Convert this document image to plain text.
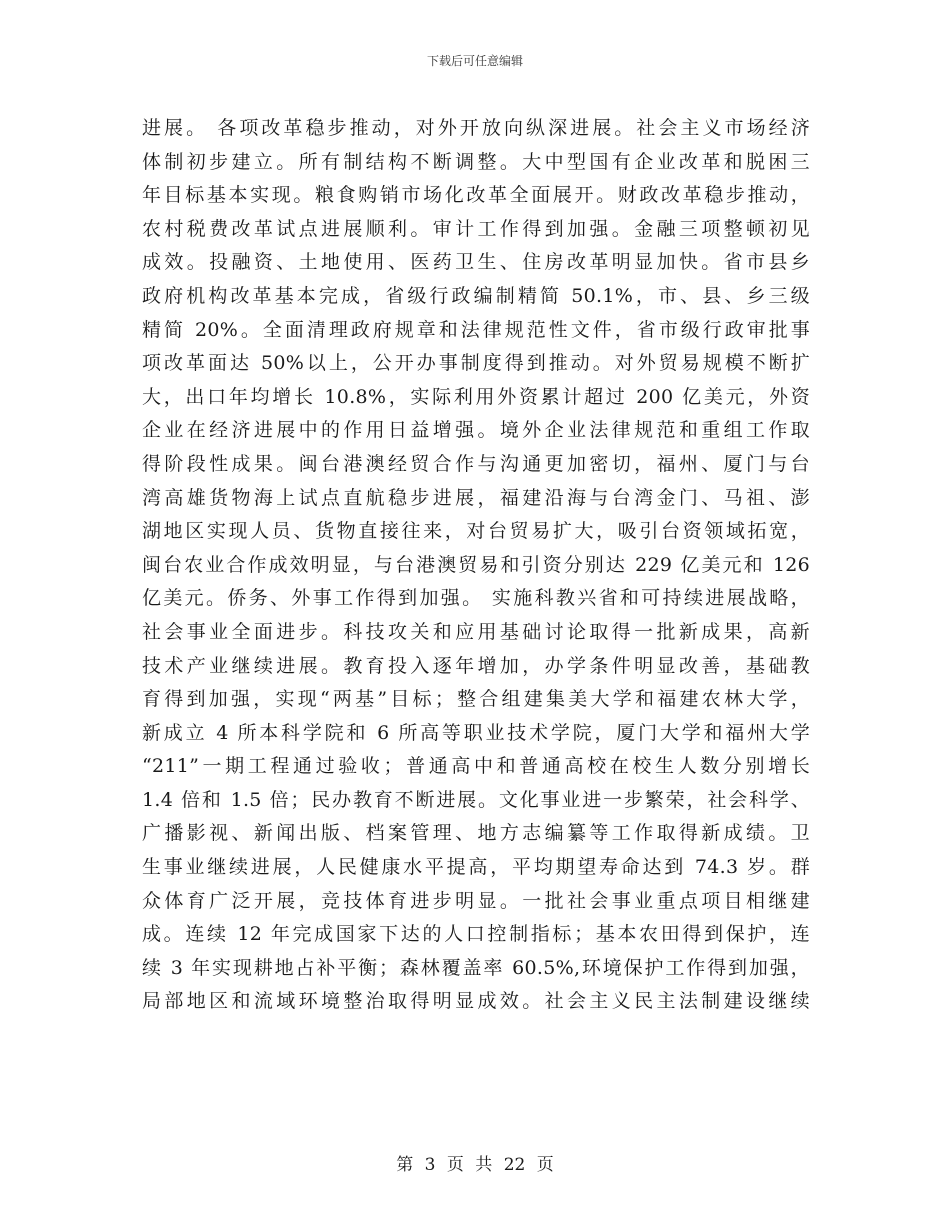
下载后可任意编辑
进展。 各项改革稳步推动，对外开放向纵深进展。社会主义市场经济
体制初步建立。所有制结构不断调整。大中型国有企业改革和脱困三
年目标基本实现。粮食购销市场化改革全面展开。财政改革稳步推动，
农村税费改革试点进展顺利。审计工作得到加强。金融三项整顿初见
成效。投融资、土地使用、医药卫生、住房改革明显加快。省市县乡
政府机构改革基本完成，省级行政编制精简 50.1%，市、县、乡三级
精简 20%。全面清理政府规章和法律规范性文件，省市级行政审批事
项改革面达 50%以上，公开办事制度得到推动。对外贸易规模不断扩
大，出口年均增长 10.8%，实际利用外资累计超过 200 亿美元，外资
企业在经济进展中的作用日益增强。境外企业法律规范和重组工作取
得阶段性成果。闽台港澳经贸合作与沟通更加密切，福州、厦门与台
湾高雄货物海上试点直航稳步进展，福建沿海与台湾金门、马祖、澎
湖地区实现人员、货物直接往来，对台贸易扩大，吸引台资领域拓宽，
闽台农业合作成效明显，与台港澳贸易和引资分别达 229 亿美元和 126
亿美元。侨务、外事工作得到加强。 实施科教兴省和可持续进展战略，
社会事业全面进步。科技攻关和应用基础讨论取得一批新成果，高新
技术产业继续进展。教育投入逐年增加，办学条件明显改善，基础教
育得到加强，实现“两基”目标；整合组建集美大学和福建农林大学，
新成立 4 所本科学院和 6 所高等职业技术学院，厦门大学和福州大学
“211”一期工程通过验收；普通高中和普通高校在校生人数分别增长
1.4 倍和 1.5 倍；民办教育不断进展。文化事业进一步繁荣，社会科学、
广播影视、新闻出版、档案管理、地方志编纂等工作取得新成绩。卫
生事业继续进展，人民健康水平提高，平均期望寿命达到 74.3 岁。群
众体育广泛开展，竞技体育进步明显。一批社会事业重点项目相继建
成。连续 12 年完成国家下达的人口控制指标；基本农田得到保护，连
续 3 年实现耕地占补平衡；森林覆盖率 60.5%,环境保护工作得到加强，
局部地区和流域环境整治取得明显成效。社会主义民主法制建设继续
第 3 页 共 22 页
